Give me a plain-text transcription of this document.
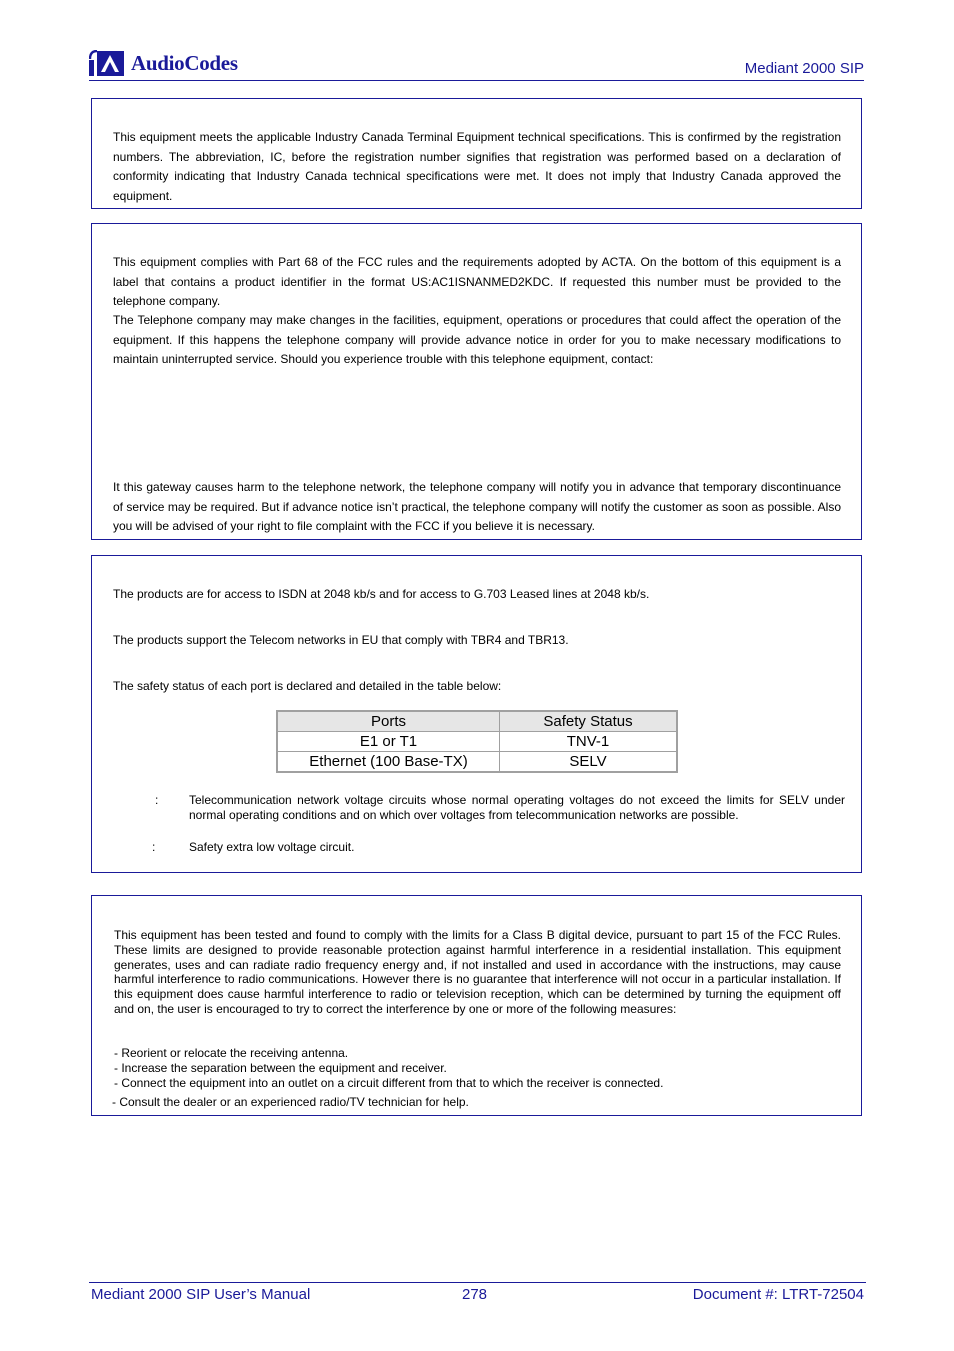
AudioCodes	Mediant 2000 SIP

This equipment meets the applicable Industry Canada Terminal Equipment technical specifications. This is confirmed by the registration numbers. The abbreviation, IC, before the registration number signifies that registration was performed based on a declaration of conformity indicating that Industry Canada technical specifications were met. It does not imply that Industry Canada approved the equipment.

This equipment complies with Part 68 of the FCC rules and the requirements adopted by ACTA. On the bottom of this equipment is a label that contains a product identifier in the format US:AC1ISNANMED2KDC. If requested this number must be provided to the telephone company.

The Telephone company may make changes in the facilities, equipment, operations or procedures that could affect the operation of the equipment. If this happens the telephone company will provide advance notice in order for you to make necessary modifications to maintain uninterrupted service. Should you experience trouble with this telephone equipment, contact:

It this gateway causes harm to the telephone network, the telephone company will notify you in advance that temporary discontinuance of service may be required. But if advance notice isn’t practical, the telephone company will notify the customer as soon as possible. Also you will be advised of your right to file complaint with the FCC if you believe it is necessary.

The products are for access to ISDN at 2048 kb/s and for access to G.703 Leased lines at 2048 kb/s.

The products support the Telecom networks in EU that comply with TBR4 and TBR13.

The safety status of each port is declared and detailed in the table below:

Ports	Safety Status
E1 or T1	TNV-1
Ethernet (100 Base-TX)	SELV
:	Telecommunication network voltage circuits whose normal operating voltages do not exceed the limits for SELV under normal operating conditions and on which over voltages from telecommunication networks are possible.

:	Safety extra low voltage circuit.

This equipment has been tested and found to comply with the limits for a Class B digital device, pursuant to part 15 of the FCC Rules. These limits are designed to provide reasonable protection against harmful interference in a residential installation. This equipment generates, uses and can radiate radio frequency energy and, if not installed and used in accordance with the instructions, may cause harmful interference to radio communications. However there is no guarantee that interference will not occur in a particular installation. If this equipment does cause harmful interference to radio or television reception, which can be determined by turning the equipment off and on, the user is encouraged to try to correct the interference by one or more of the following measures:

- Reorient or relocate the receiving antenna.
- Increase the separation between the equipment and receiver.
- Connect the equipment into an outlet on a circuit different from that to which the receiver is connected.
- Consult the dealer or an experienced radio/TV technician for help.
Mediant 2000 SIP User’s Manual	278	Document #: LTRT-72504
